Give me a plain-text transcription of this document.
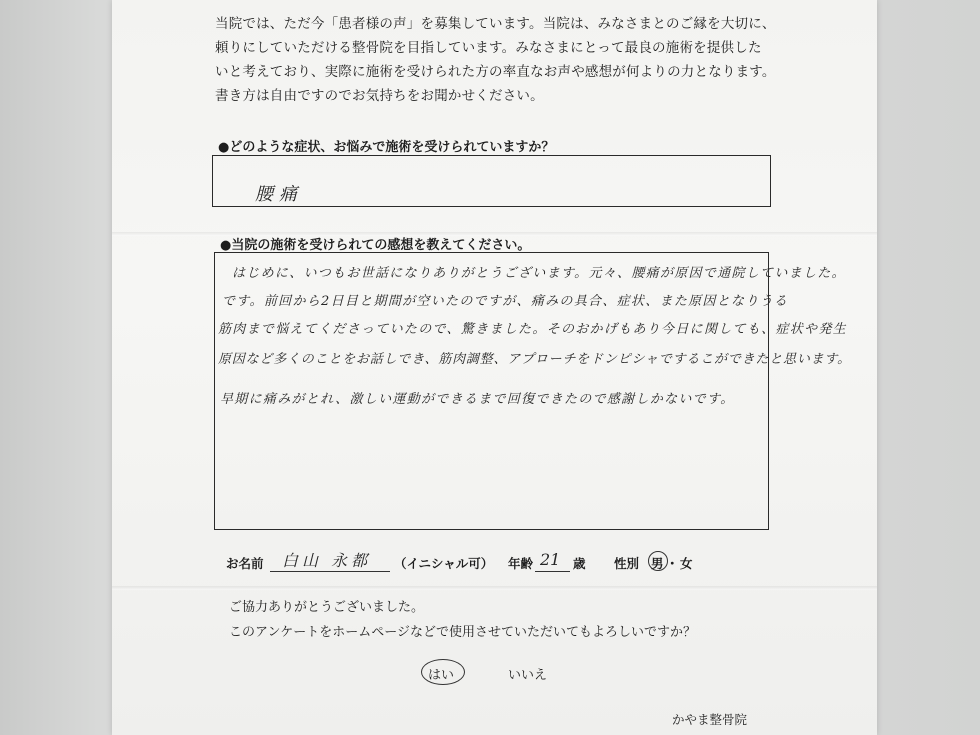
当院では、ただ今「患者様の声」を募集しています。当院は、みなさまとのご縁を大切に、
頼りにしていただける整骨院を目指しています。みなさまにとって最良の施術を提供した
いと考えており、実際に施術を受けられた方の率直なお声や感想が何よりの力となります。
書き方は自由ですのでお気持ちをお聞かせください。
●どのような症状、お悩みで施術を受けられていますか？
腰痛
●当院の施術を受けられての感想を教えてください。
はじめに、いつもお世話になりありがとうございます。元々、腰痛が原因で通院していました。
です。前回から2日目と期間が空いたのですが、痛みの具合、症状、また原因となりうる
筋肉まで悩えてくださっていたので、驚きました。そのおかげもあり今日に関しても、症状や発生
原因など多くのことをお話しでき、筋肉調整、アプローチをドンピシャでするこができたと思います。
早期に痛みがとれ、激しい運動ができるまで回復できたので感謝しかないです。
お名前 白山 永都 （イニシャル可） 年齢 21 歳 性別 男 ・ 女
ご協力ありがとうございました。
このアンケートをホームページなどで使用させていただいてもよろしいですか？
はい	いいえ
かやま整骨院
